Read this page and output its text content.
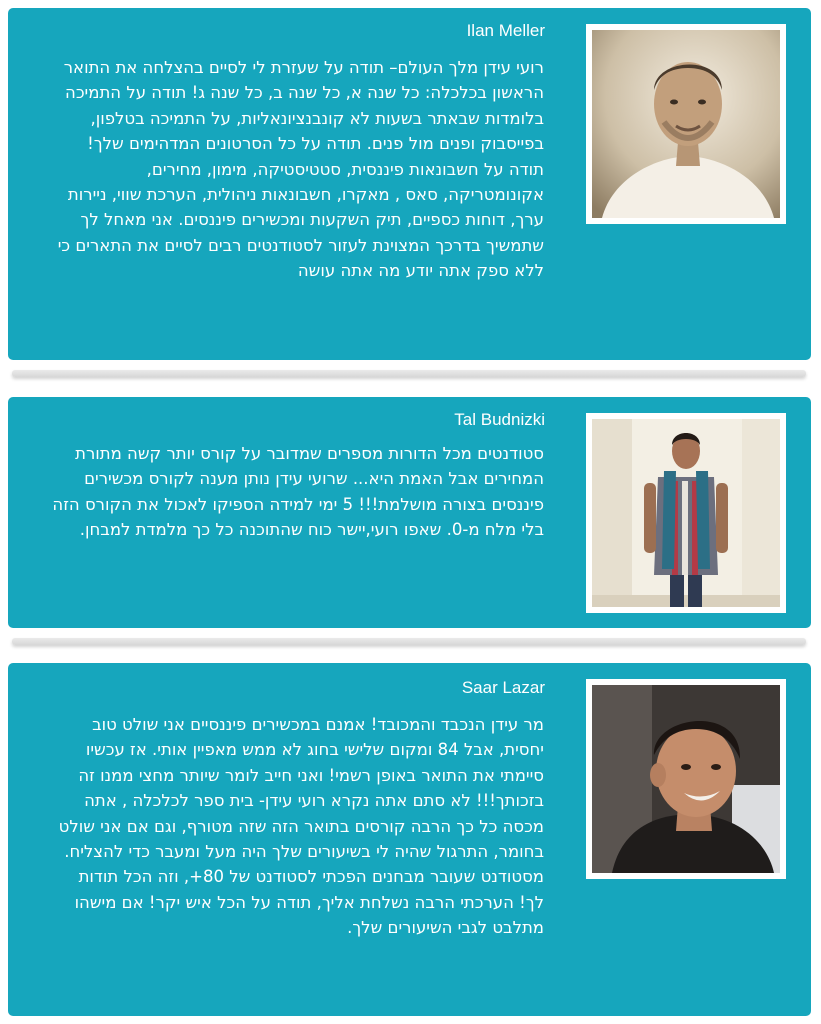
Ilan Meller

רועי עידן מלך העולם– תודה על שעזרת לי לסיים בהצלחה את התואר הראשון בכלכלה: כל שנה א, כל שנה ב, כל שנה ג! תודה על התמיכה בלומדות שבאתר בשעות לא קונבנציונאליות, על התמיכה בטלפון, בפייסבוק ופנים מול פנים. תודה על כל הסרטונים המדהימים שלך! תודה על חשבונאות פיננסית, סטטיסטיקה, מימון, מחירים, אקונומטריקה, סאס , מאקרו, חשבונאות ניהולית, הערכת שווי, ניירות ערך, דוחות כספיים, תיק השקעות ומכשירים פיננסים. אני מאחל לך שתמשיך בדרכך המצוינת לעזור לסטודנטים רבים לסיים את התארים כי ללא ספק אתה יודע מה אתה עושה

Tal Budnizki

סטודנטים מכל הדורות מספרים שמדובר על קורס יותר קשה מתורת המחירים אבל האמת היא... שרועי עידן נותן מענה לקורס מכשירים פיננסים בצורה מושלמת!!! 5 ימי למידה הספיקו לאכול את הקורס הזה בלי מלח מ-0. שאפו רועי,יישר כוח שהתוכנה כל כך מלמדת למבחן.

Saar Lazar

מר עידן הנכבד והמכובד! אמנם במכשירים פיננסיים אני שולט טוב יחסית, אבל 84 ומקום שלישי בחוג לא ממש מאפיין אותי. אז עכשיו סיימתי את התואר באופן רשמי! ואני חייב לומר שיותר מחצי ממנו זה בזכותך!!! לא סתם אתה נקרא רועי עידן- בית ספר לכלכלה , אתה מכסה כל כך הרבה קורסים בתואר הזה שזה מטורף, וגם אם אני שולט בחומר, התרגול שהיה לי בשיעורים שלך היה מעל ומעבר כדי להצליח. מסטודנט שעובר מבחנים הפכתי לסטודנט של 80+, וזה הכל תודות לך! הערכתי הרבה נשלחת אליך, תודה על הכל איש יקר! אם מישהו מתלבט לגבי השיעורים שלך.
